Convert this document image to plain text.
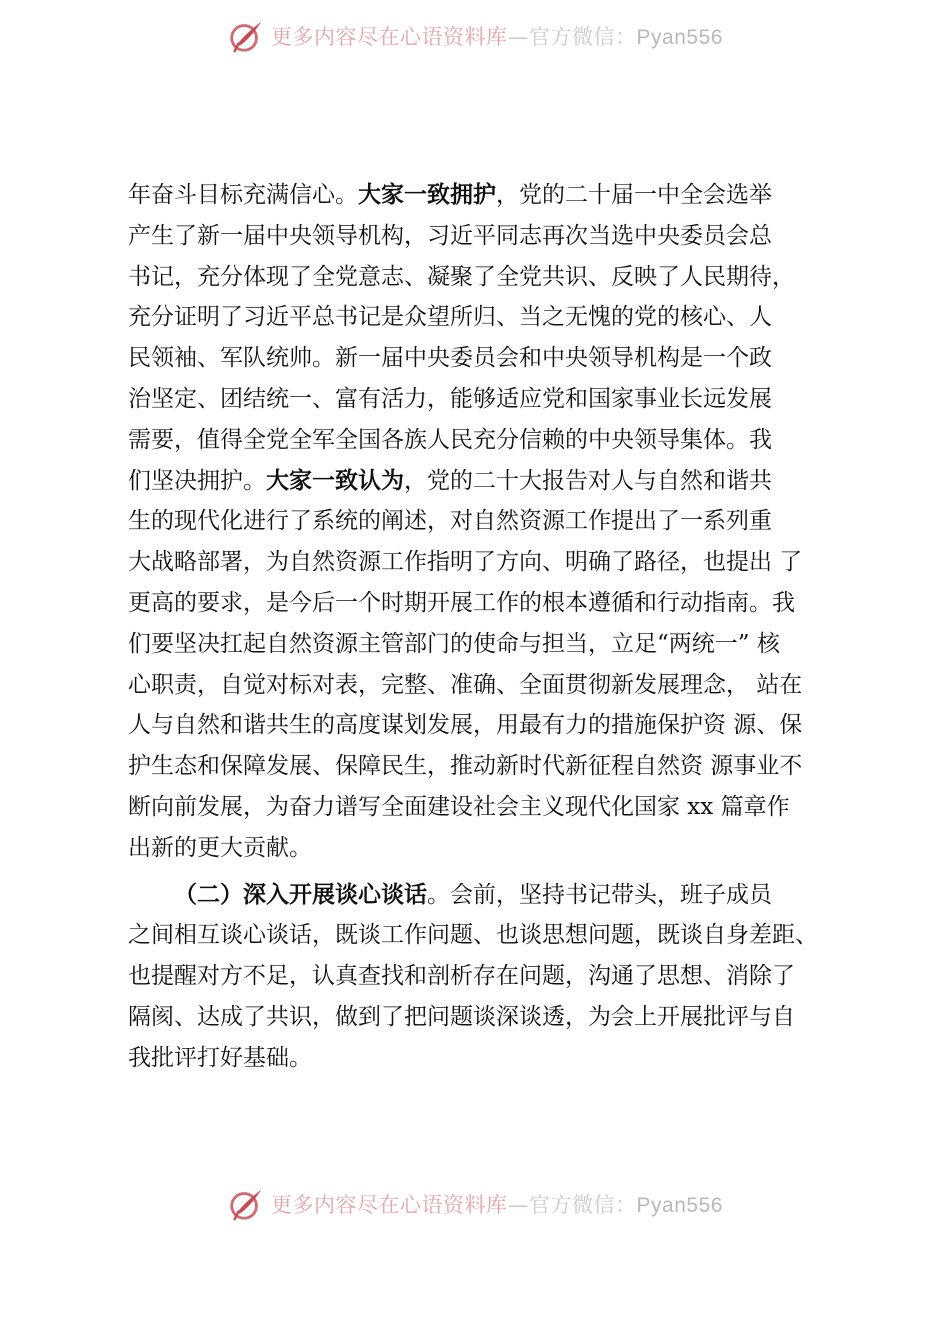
更多内容尽在心语资料库—官方微信：Pyan556
年奋斗目标充满信心。大家一致拥护，党的二十届一中全会选举
产生了新一届中央领导机构，习近平同志再次当选中央委员会总
书记，充分体现了全党意志、凝聚了全党共识、反映了人民期待，
充分证明了习近平总书记是众望所归、当之无愧的党的核心、人
民领袖、军队统帅。新一届中央委员会和中央领导机构是一个政
治坚定、团结统一、富有活力，能够适应党和国家事业长远发展
需要，值得全党全军全国各族人民充分信赖的中央领导集体。我
们坚决拥护。大家一致认为，党的二十大报告对人与自然和谐共
生的现代化进行了系统的阐述，对自然资源工作提出了一系列重
大战略部署，为自然资源工作指明了方向、明确了路径，也提出 了
更高的要求，是今后一个时期开展工作的根本遵循和行动指南。我
们要坚决扛起自然资源主管部门的使命与担当，立足“两统一” 核
心职责，自觉对标对表，完整、准确、全面贯彻新发展理念， 站在
人与自然和谐共生的高度谋划发展，用最有力的措施保护资 源、保
护生态和保障发展、保障民生，推动新时代新征程自然资 源事业不
断向前发展，为奋力谱写全面建设社会主义现代化国家 xx 篇章作
出新的更大贡献。
（二）深入开展谈心谈话。会前，坚持书记带头，班子成员
之间相互谈心谈话，既谈工作问题、也谈思想问题，既谈自身差距、
也提醒对方不足，认真查找和剖析存在问题，沟通了思想、消除了
隔阂、达成了共识，做到了把问题谈深谈透，为会上开展批评与自
我批评打好基础。
更多内容尽在心语资料库—官方微信：Pyan556
